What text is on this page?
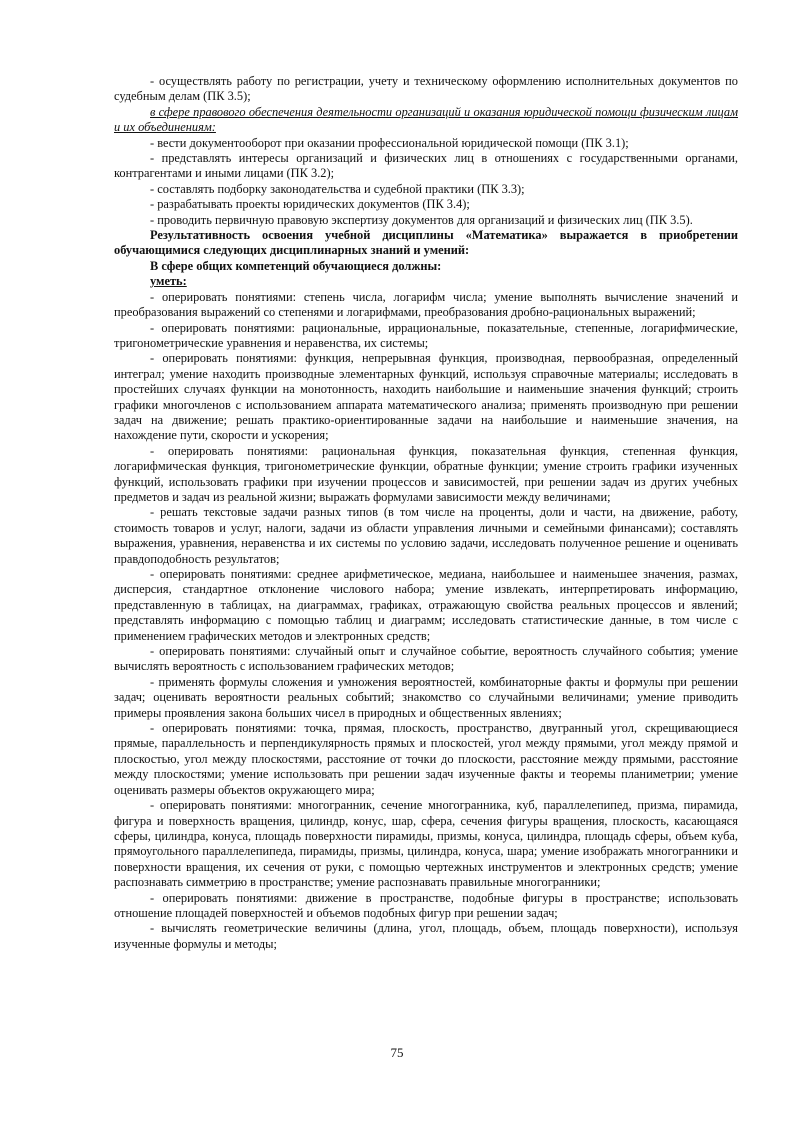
- осуществлять работу по регистрации, учету и техническому оформлению исполнительных документов по судебным делам (ПК 3.5);

в сфере правового обеспечения деятельности организаций и оказания юридической помощи физическим лицам и их объединениям:

- вести документооборот при оказании профессиональной юридической помощи (ПК 3.1);

- представлять интересы организаций и физических лиц в отношениях с государственными органами, контрагентами и иными лицами (ПК 3.2);

- составлять подборку законодательства и судебной практики (ПК 3.3);

- разрабатывать проекты юридических документов (ПК 3.4);

- проводить первичную правовую экспертизу документов для организаций и физических лиц (ПК 3.5).

Результативность освоения учебной дисциплины «Математика» выражается в приобретении обучающимися следующих дисциплинарных знаний и умений:

В сфере общих компетенций обучающиеся должны:

уметь:

- оперировать понятиями: степень числа, логарифм числа; умение выполнять вычисление значений и преобразования выражений со степенями и логарифмами, преобразования дробно-рациональных выражений;

- оперировать понятиями: рациональные, иррациональные, показательные, степенные, логарифмические, тригонометрические уравнения и неравенства, их системы;

- оперировать понятиями: функция, непрерывная функция, производная, первообразная, определенный интеграл; умение находить производные элементарных функций, используя справочные материалы; исследовать в простейших случаях функции на монотонность, находить наибольшие и наименьшие значения функций; строить графики многочленов с использованием аппарата математического анализа; применять производную при решении задач на движение; решать практико-ориентированные задачи на наибольшие и наименьшие значения, на нахождение пути, скорости и ускорения;

- оперировать понятиями: рациональная функция, показательная функция, степенная функция, логарифмическая функция, тригонометрические функции, обратные функции; умение строить графики изученных функций, использовать графики при изучении процессов и зависимостей, при решении задач из других учебных предметов и задач из реальной жизни; выражать формулами зависимости между величинами;

- решать текстовые задачи разных типов (в том числе на проценты, доли и части, на движение, работу, стоимость товаров и услуг, налоги, задачи из области управления личными и семейными финансами); составлять выражения, уравнения, неравенства и их системы по условию задачи, исследовать полученное решение и оценивать правдоподобность результатов;

- оперировать понятиями: среднее арифметическое, медиана, наибольшее и наименьшее значения, размах, дисперсия, стандартное отклонение числового набора; умение извлекать, интерпретировать информацию, представленную в таблицах, на диаграммах, графиках, отражающую свойства реальных процессов и явлений; представлять информацию с помощью таблиц и диаграмм; исследовать статистические данные, в том числе с применением графических методов и электронных средств;

- оперировать понятиями: случайный опыт и случайное событие, вероятность случайного события; умение вычислять вероятность с использованием графических методов;

- применять формулы сложения и умножения вероятностей, комбинаторные факты и формулы при решении задач; оценивать вероятности реальных событий; знакомство со случайными величинами; умение приводить примеры проявления закона больших чисел в природных и общественных явлениях;

- оперировать понятиями: точка, прямая, плоскость, пространство, двугранный угол, скрещивающиеся прямые, параллельность и перпендикулярность прямых и плоскостей, угол между прямыми, угол между прямой и плоскостью, угол между плоскостями, расстояние от точки до плоскости, расстояние между прямыми, расстояние между плоскостями; умение использовать при решении задач изученные факты и теоремы планиметрии; умение оценивать размеры объектов окружающего мира;

- оперировать понятиями: многогранник, сечение многогранника, куб, параллелепипед, призма, пирамида, фигура и поверхность вращения, цилиндр, конус, шар, сфера, сечения фигуры вращения, плоскость, касающаяся сферы, цилиндра, конуса, площадь поверхности пирамиды, призмы, конуса, цилиндра, площадь сферы, объем куба, прямоугольного параллелепипеда, пирамиды, призмы, цилиндра, конуса, шара; умение изображать многогранники и поверхности вращения, их сечения от руки, с помощью чертежных инструментов и электронных средств; умение распознавать симметрию в пространстве; умение распознавать правильные многогранники;

- оперировать понятиями: движение в пространстве, подобные фигуры в пространстве; использовать отношение площадей поверхностей и объемов подобных фигур при решении задач;

- вычислять геометрические величины (длина, угол, площадь, объем, площадь поверхности), используя изученные формулы и методы;

75
